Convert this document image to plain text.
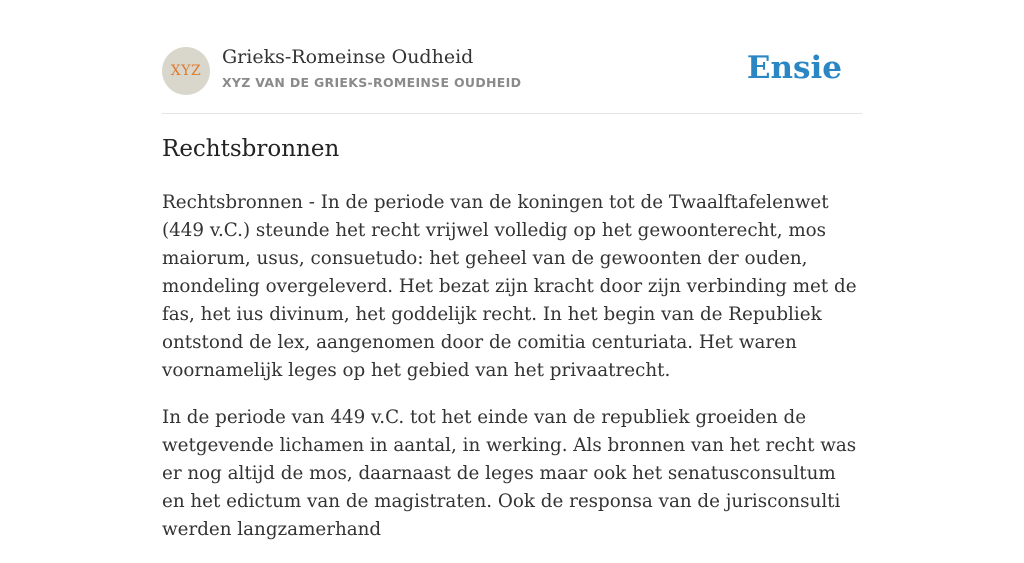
XYZ
Grieks-Romeinse Oudheid
XYZ VAN DE GRIEKS-ROMEINSE OUDHEID	Ensie
Rechtsbronnen

Rechtsbronnen - In de periode van de koningen tot de Twaalftafelenwet (449 v.C.) steunde het recht vrijwel volledig op het gewoonterecht, mos maiorum, usus, consuetudo: het geheel van de gewoonten der ouden, mondeling overgeleverd. Het bezat zijn kracht door zijn verbinding met de fas, het ius divinum, het goddelijk recht. In het begin van de Republiek ontstond de lex, aangenomen door de comitia centuriata. Het waren voornamelijk leges op het gebied van het privaatrecht.

In de periode van 449 v.C. tot het einde van de republiek groeiden de wetgevende lichamen in aantal, in werking. Als bronnen van het recht was er nog altijd de mos, daarnaast de leges maar ook het senatusconsultum en het edictum van de magistraten. Ook de responsa van de jurisconsulti werden langzamerhand
